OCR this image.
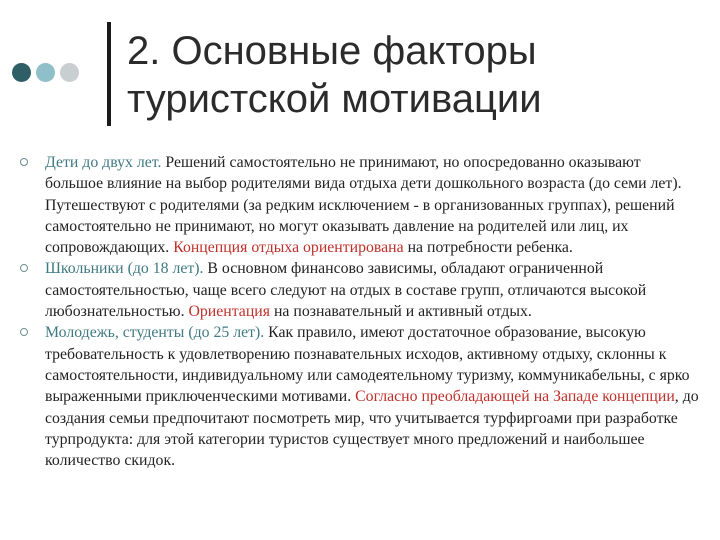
2. Основные факторы
туристской мотивации
Дети до двух лет. Решений самостоятельно не принимают, но опосредованно оказывают большое влияние на выбор родителями вида отдыха дети дошкольного возраста (до семи лет). Путешествуют с родителями (за редким исключением - в организованных группах), решений самостоятельно не принимают, но могут оказывать давление на родителей или лиц, их сопровождающих. Концепция отдыха ориентирована на потребности ребенка.
Школьники (до 18 лет). В основном финансово зависимы, обладают ограниченной самостоятельностью, чаще всего следуют на отдых в составе групп, отличаются высокой любознательностью. Ориентация на познавательный и активный отдых.
Молодежь, студенты (до 25 лет). Как правило, имеют достаточное образование, высокую требовательность к удовлетворению познавательных исходов, активному отдыху, склонны к самостоятельности, индивидуальному или самодеятельному туризму, коммуникабельны, с ярко выраженными приключенческими мотивами. Согласно преобладающей на Западе концепции, до создания семьи предпочитают посмотреть мир, что учитывается турфиргоами при разработке турпродукта: для этой категории туристов существует много предложений и наибольшее количество скидок.
